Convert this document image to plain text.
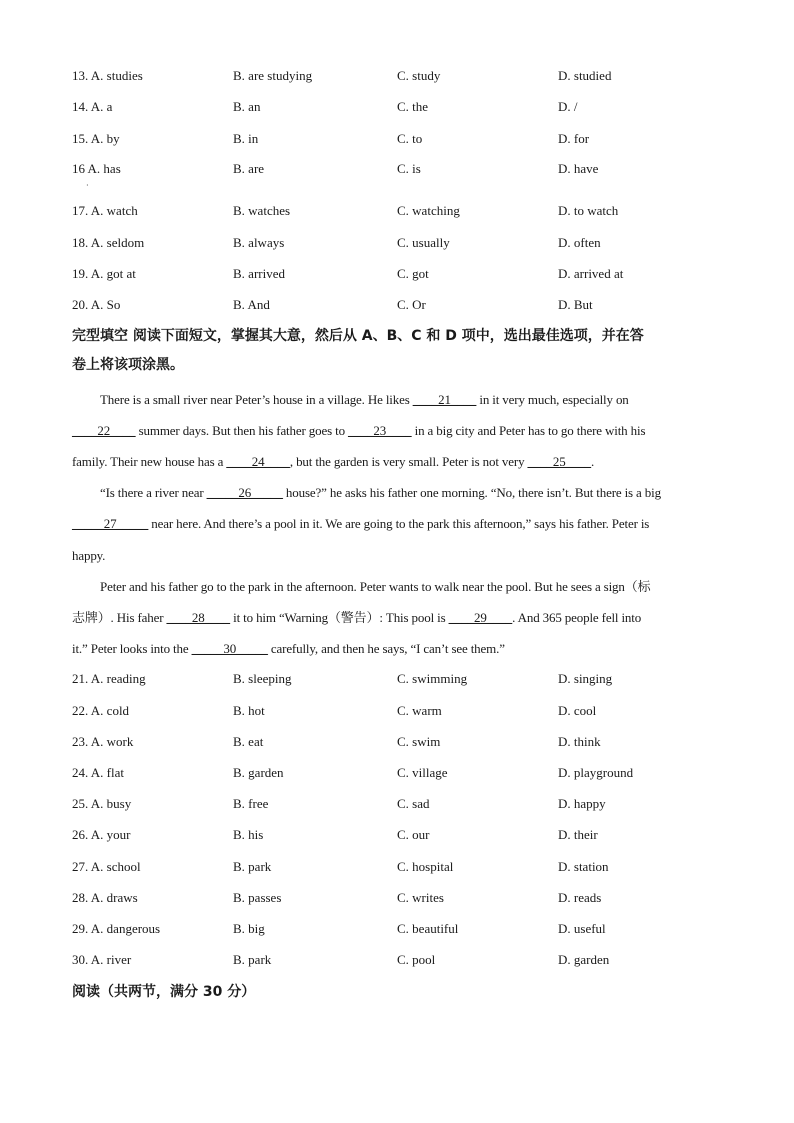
13. A. studies	B. are studying	C. study	D. studied
14. A. a	B. an	C. the	D. /
15. A. by	B. in	C. to	D. for
16 A. has	B. are	C. is	D. have
·
17. A. watch	B. watches	C. watching	D. to watch
18. A. seldom	B. always	C. usually	D. often
19. A. got at	B. arrived	C. got	D. arrived at
20. A. So	B. And	C. Or	D. But
完型填空 阅读下面短文，掌握其大意，然后从 A、B、C 和 D 项中，选出最佳选项，并在答
卷上将该项涂黑。
There is a small river near Peter’s house in a village. He likes ____21____ in it very much, especially on
____22____ summer days. But then his father goes to ____23____ in a big city and Peter has to go there with his
family. Their new house has a ____24____, but the garden is very small. Peter is not very ____25____.
“Is there a river near _____26_____ house?” he asks his father one morning. “No, there isn’t. But there is a big
_____27_____ near here. And there’s a pool in it. We are going to the park this afternoon,” says his father. Peter is
happy.
Peter and his father go to the park in the afternoon. Peter wants to walk near the pool. But he sees a sign（标
志牌）. His faher ____28____ it to him “Warning（警告）: This pool is ____29____. And 365 people fell into
it.” Peter looks into the _____30_____ carefully, and then he says, “I can’t see them.”
21. A. reading	B. sleeping	C. swimming	D. singing
22. A. cold	B. hot	C. warm	D. cool
23. A. work	B. eat	C. swim	D. think
24. A. flat	B. garden	C. village	D. playground
25. A. busy	B. free	C. sad	D. happy
26. A. your	B. his	C. our	D. their
27. A. school	B. park	C. hospital	D. station
28. A. draws	B. passes	C. writes	D. reads
29. A. dangerous	B. big	C. beautiful	D. useful
30. A. river	B. park	C. pool	D. garden
阅读（共两节，满分 30 分）
